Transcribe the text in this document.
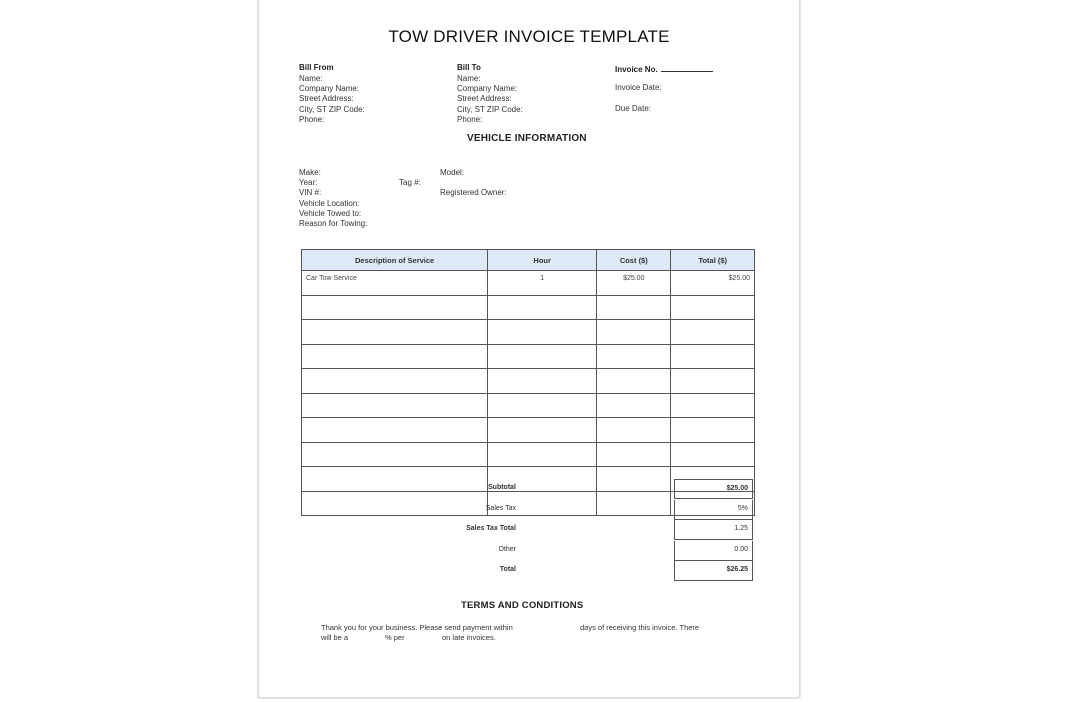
TOW DRIVER INVOICE TEMPLATE
Bill From
Name:
Company Name:
Street Address:
City, ST ZIP Code:
Phone:
Bill To
Name:
Company Name:
Street Address:
City, ST ZIP Code:
Phone:
Invoice No.
Invoice Date:
Due Date:
VEHICLE INFORMATION
Make:
Year:
VIN #:
Vehicle Location:
Vehicle Towed to:
Reason for Towing:
Tag #:
Model:
Registered Owner:
Description of Service	Hour	Cost ($)	Total ($)
Car Tow Service	1	$25.00	$25.00

Subtotal	$25.00
Sales Tax	5%
Sales Tax Total	1.25
Other	0.00
Total	$26.25
TERMS AND CONDITIONS
Thank you for your business. Please send payment within	days of receiving this invoice. There
will be a	% per	on late invoices.
